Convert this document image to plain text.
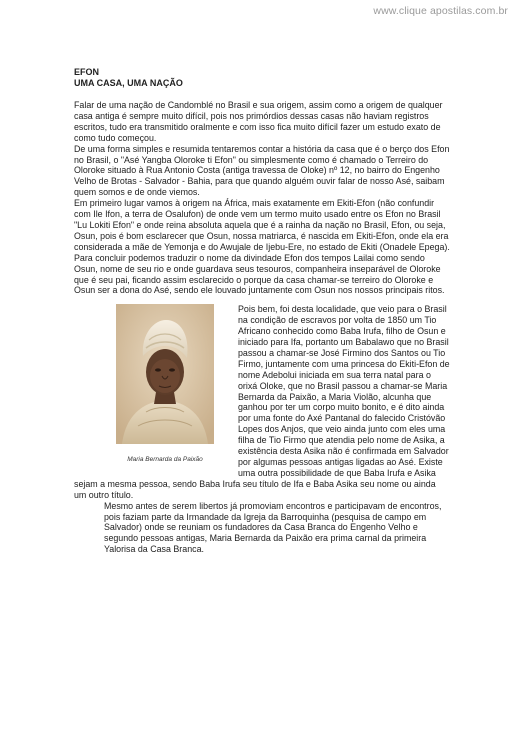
www.clique apostilas.com.br
EFON
UMA CASA, UMA NAÇÃO

Falar de uma nação de Candomblé no Brasil e sua origem, assim como a origem de qualquer casa antiga é sempre muito difícil, pois nos primórdios dessas casas não haviam registros escritos, tudo era transmitido oralmente e com isso fica muito difícil fazer um estudo exato de como tudo começou.

De uma forma simples e resumida tentaremos contar a história da casa que é o berço dos Efon no Brasil, o "Asé Yangba Oloroke ti Efon" ou simplesmente como é chamado o Terreiro do Oloroke situado à Rua Antonio Costa (antiga travessa de Oloke) nº 12, no bairro do Engenho Velho de Brotas - Salvador - Bahia, para que quando alguém ouvir falar de nosso Asé, saibam quem somos e de onde viemos.

Em primeiro lugar vamos à origem na África, mais exatamente em Ekiti-Efon (não confundir com Ile Ifon, a terra de Osalufon) de onde vem um termo muito usado entre os Efon no Brasil "Lu Lokiti Efon" e onde reina absoluta aquela que é a rainha da nação no Brasil, Efon, ou seja, Osun, pois é bom esclarecer que Osun, nossa matriarca, é nascida em Ekiti-Efon, onde ela era considerada a mãe de Yemonja e do Awujale de Ijebu-Ere, no estado de Ekiti (Onadele Epega). Para concluir podemos traduzir o nome da divindade Efon dos tempos Lailai como sendo Osun, nome de seu rio e onde guardava seus tesouros, companheira inseparável de Oloroke que é seu pai, ficando assim esclarecido o porque da casa chamar-se terreiro do Oloroke e Osun ser a dona do Asé, sendo ele louvado juntamente com Osun nos nossos principais ritos.

Maria Bernarda da Paixão

Pois bem, foi desta localidade, que veio para o Brasil na condição de escravos por volta de 1850 um Tio Africano conhecido como Baba Irufa, filho de Osun e iniciado para Ifa, portanto um Babalawo que no Brasil passou a chamar-se José Firmino dos Santos ou Tio Firmo, juntamente com uma princesa do Ekiti-Efon de nome Adebolui iniciada em sua terra natal para o orixá Oloke, que no Brasil passou a chamar-se Maria Bernarda da Paixão, a Maria Violão, alcunha que ganhou por ter um corpo muito bonito, e é dito ainda por uma fonte do Axé Pantanal do falecido Cristóvão Lopes dos Anjos, que veio ainda junto com eles uma filha de Tio Firmo que atendia pelo nome de Asika, a existência desta Asika não é confirmada em Salvador por algumas pessoas antigas ligadas ao Asé. Existe uma outra possibilidade de que Baba Irufa e Asika sejam a mesma pessoa, sendo Baba Irufa seu título de Ifa e Baba Asika seu nome ou ainda um outro título.

Mesmo antes de serem libertos já promoviam encontros e participavam de encontros, pois faziam parte da Irmandade da Igreja da Barroquinha (pesquisa de campo em Salvador) onde se reuniam os fundadores da Casa Branca do Engenho Velho e segundo pessoas antigas, Maria Bernarda da Paixão era prima carnal da primeira Yalorisa da Casa Branca.
